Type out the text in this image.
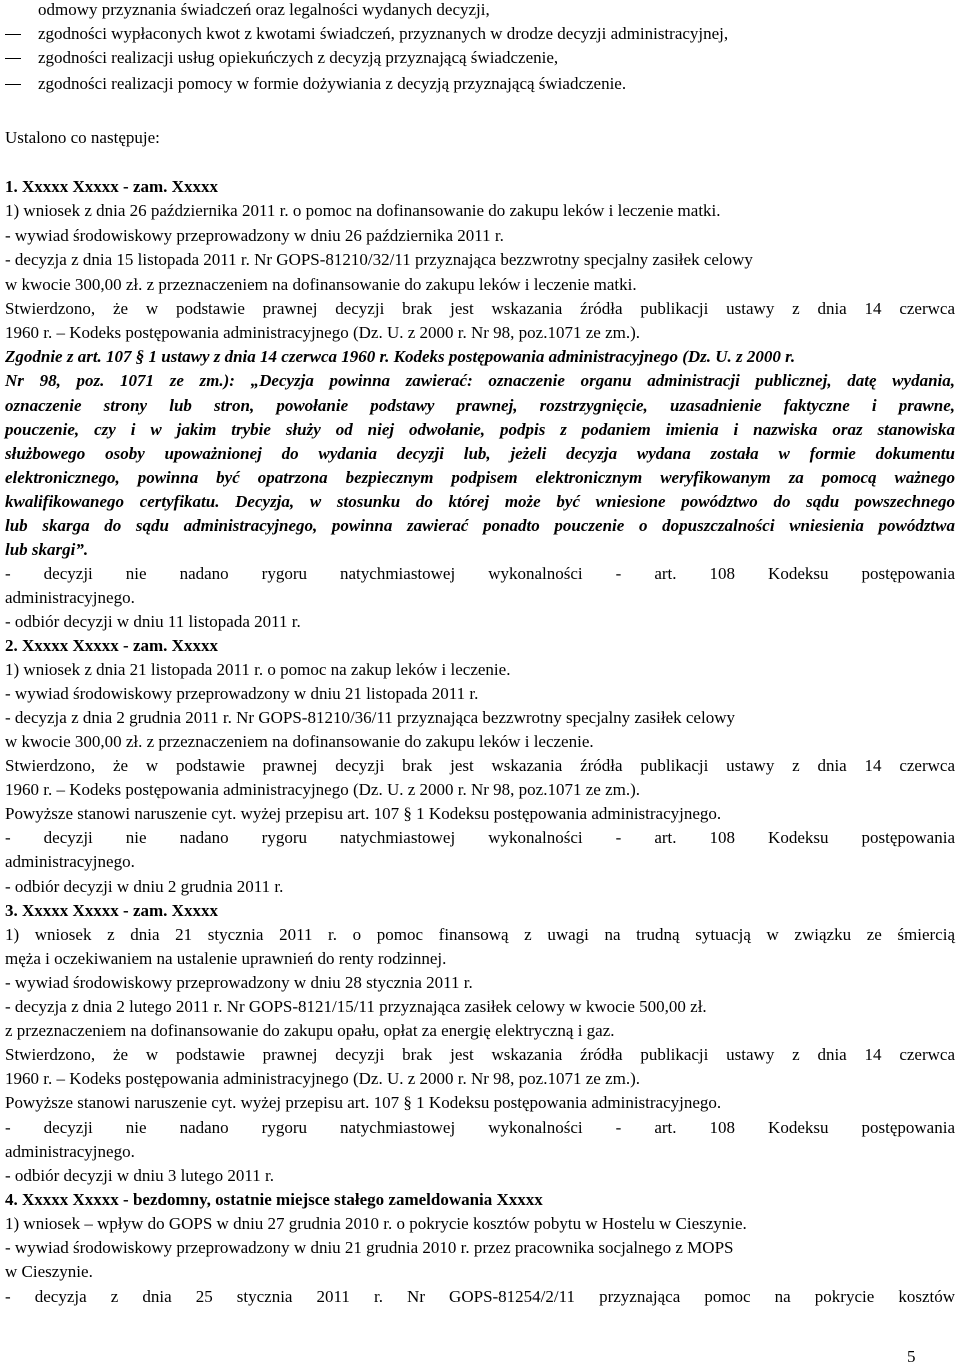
odmowy przyznania świadczeń oraz legalności wydanych decyzji,
zgodności wypłaconych kwot z kwotami świadczeń, przyznanych w drodze decyzji administracyjnej,
zgodności realizacji usług opiekuńczych z decyzją przyznającą świadczenie,
zgodności realizacji pomocy w formie dożywiania z decyzją przyznającą świadczenie.
Ustalono co następuje:
1. Xxxxx Xxxxx - zam. Xxxxx
1) wniosek z dnia 26 października 2011 r. o pomoc na dofinansowanie do zakupu leków i leczenie matki.
- wywiad środowiskowy przeprowadzony w dniu 26 października 2011 r.
- decyzja z dnia 15 listopada 2011 r. Nr GOPS-81210/32/11 przyznająca bezzwrotny specjalny zasiłek celowy
w kwocie 300,00 zł. z przeznaczeniem na dofinansowanie do zakupu leków i leczenie matki.
Stwierdzono, że w podstawie prawnej decyzji brak jest wskazania źródła publikacji ustawy z dnia 14 czerwca
1960 r. – Kodeks postępowania administracyjnego (Dz. U. z 2000 r. Nr 98, poz.1071 ze zm.).
Zgodnie z art. 107 § 1 ustawy z dnia 14 czerwca 1960 r. Kodeks postępowania administracyjnego (Dz. U. z 2000 r.
Nr 98, poz. 1071 ze zm.): „Decyzja powinna zawierać: oznaczenie organu administracji publicznej, datę wydania,
oznaczenie strony lub stron, powołanie podstawy prawnej, rozstrzygnięcie, uzasadnienie faktyczne i prawne,
pouczenie, czy i w jakim trybie służy od niej odwołanie, podpis z podaniem imienia i nazwiska oraz stanowiska
służbowego osoby upoważnionej do wydania decyzji lub, jeżeli decyzja wydana została w formie dokumentu
elektronicznego, powinna być opatrzona bezpiecznym podpisem elektronicznym weryfikowanym za pomocą ważnego
kwalifikowanego certyfikatu. Decyzja, w stosunku do której może być wniesione powództwo do sądu powszechnego
lub skarga do sądu administracyjnego, powinna zawierać ponadto pouczenie o dopuszczalności wniesienia powództwa
lub skargi”.
- decyzji nie nadano rygoru natychmiastowej wykonalności - art. 108 Kodeksu postępowania
administracyjnego.
- odbiór decyzji w dniu 11 listopada 2011 r.
2. Xxxxx Xxxxx - zam. Xxxxx
1) wniosek z dnia 21 listopada 2011 r. o pomoc na zakup leków i leczenie.
- wywiad środowiskowy przeprowadzony w dniu 21 listopada 2011 r.
- decyzja z dnia 2 grudnia 2011 r. Nr GOPS-81210/36/11 przyznająca bezzwrotny specjalny zasiłek celowy
w kwocie 300,00 zł. z przeznaczeniem na dofinansowanie do zakupu leków i leczenie.
Stwierdzono, że w podstawie prawnej decyzji brak jest wskazania źródła publikacji ustawy z dnia 14 czerwca
1960 r. – Kodeks postępowania administracyjnego (Dz. U. z 2000 r. Nr 98, poz.1071 ze zm.).
Powyższe stanowi naruszenie cyt. wyżej przepisu art. 107 § 1 Kodeksu postępowania administracyjnego.
- decyzji nie nadano rygoru natychmiastowej wykonalności - art. 108 Kodeksu postępowania
administracyjnego.
- odbiór decyzji w dniu 2 grudnia 2011 r.
3. Xxxxx Xxxxx - zam. Xxxxx
1) wniosek z dnia 21 stycznia 2011 r. o pomoc finansową z uwagi na trudną sytuacją w związku ze śmiercią
męża i oczekiwaniem na ustalenie uprawnień do renty rodzinnej.
- wywiad środowiskowy przeprowadzony w dniu 28 stycznia 2011 r.
- decyzja z dnia 2 lutego 2011 r. Nr GOPS-8121/15/11 przyznająca zasiłek celowy w kwocie 500,00 zł.
z przeznaczeniem na dofinansowanie do zakupu opału, opłat za energię elektryczną i gaz.
Stwierdzono, że w podstawie prawnej decyzji brak jest wskazania źródła publikacji ustawy z dnia 14 czerwca
1960 r. – Kodeks postępowania administracyjnego (Dz. U. z 2000 r. Nr 98, poz.1071 ze zm.).
Powyższe stanowi naruszenie cyt. wyżej przepisu art. 107 § 1 Kodeksu postępowania administracyjnego.
- decyzji nie nadano rygoru natychmiastowej wykonalności - art. 108 Kodeksu postępowania
administracyjnego.
- odbiór decyzji w dniu 3 lutego 2011 r.
4. Xxxxx Xxxxx - bezdomny, ostatnie miejsce stałego zameldowania Xxxxx
1) wniosek – wpływ do GOPS w dniu 27 grudnia 2010 r. o pokrycie kosztów pobytu w Hostelu w Cieszynie.
- wywiad środowiskowy przeprowadzony w dniu 21 grudnia 2010 r. przez pracownika socjalnego z MOPS
w Cieszynie.
- decyzja z dnia 25 stycznia 2011 r. Nr GOPS-81254/2/11 przyznająca pomoc na pokrycie kosztów
5
